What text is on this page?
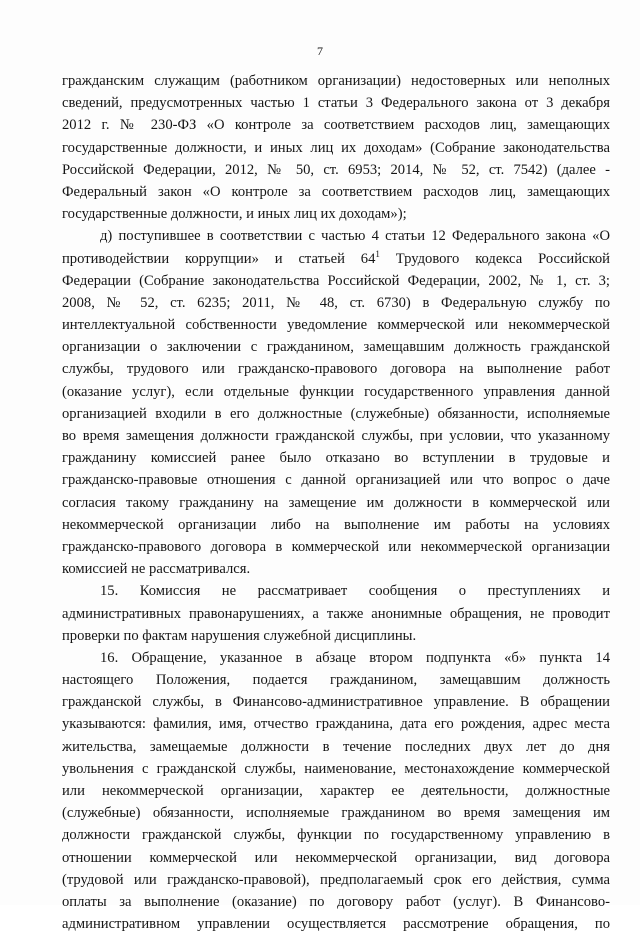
7
гражданским служащим (работником организации) недостоверных или неполных
сведений, предусмотренных частью 1 статьи 3 Федерального закона от 3 декабря
2012 г. № 230-ФЗ «О контроле за соответствием расходов лиц, замещающих
государственные должности, и иных лиц их доходам» (Собрание законодательства
Российской Федерации, 2012, № 50, ст. 6953; 2014, № 52, ст. 7542) (далее -
Федеральный закон «О контроле за соответствием расходов лиц, замещающих
государственные должности, и иных лиц их доходам»);
д) поступившее в соответствии с частью 4 статьи 12 Федерального закона «О
противодействии коррупции» и статьей $64^1$ Трудового кодекса Российской
Федерации (Собрание законодательства Российской Федерации, 2002, № 1, ст. 3;
2008, № 52, ст. 6235; 2011, № 48, ст. 6730) в Федеральную службу по
интеллектуальной собственности уведомление коммерческой или некоммерческой
организации о заключении с гражданином, замещавшим должность гражданской
службы, трудового или гражданско-правового договора на выполнение работ
(оказание услуг), если отдельные функции государственного управления данной
организацией входили в его должностные (служебные) обязанности, исполняемые
во время замещения должности гражданской службы, при условии, что указанному
гражданину комиссией ранее было отказано во вступлении в трудовые и
гражданско-правовые отношения с данной организацией или что вопрос о даче
согласия такому гражданину на замещение им должности в коммерческой или
некоммерческой организации либо на выполнение им работы на условиях
гражданско-правового договора в коммерческой или некоммерческой организации
комиссией не рассматривался.
15. Комиссия не рассматривает сообщения о преступлениях и
административных правонарушениях, а также анонимные обращения, не проводит
проверки по фактам нарушения служебной дисциплины.
16. Обращение, указанное в абзаце втором подпункта «б» пункта 14
настоящего Положения, подается гражданином, замещавшим должность
гражданской службы, в Финансово-административное управление. В обращении
указываются: фамилия, имя, отчество гражданина, дата его рождения, адрес места
жительства, замещаемые должности в течение последних двух лет до дня
увольнения с гражданской службы, наименование, местонахождение коммерческой
или некоммерческой организации, характер ее деятельности, должностные
(служебные) обязанности, исполняемые гражданином во время замещения им
должности гражданской службы, функции по государственному управлению в
отношении коммерческой или некоммерческой организации, вид договора
(трудовой или гражданско-правовой), предполагаемый срок его действия, сумма
оплаты за выполнение (оказание) по договору работ (услуг). В Финансово-
административном управлении осуществляется рассмотрение обращения, по
